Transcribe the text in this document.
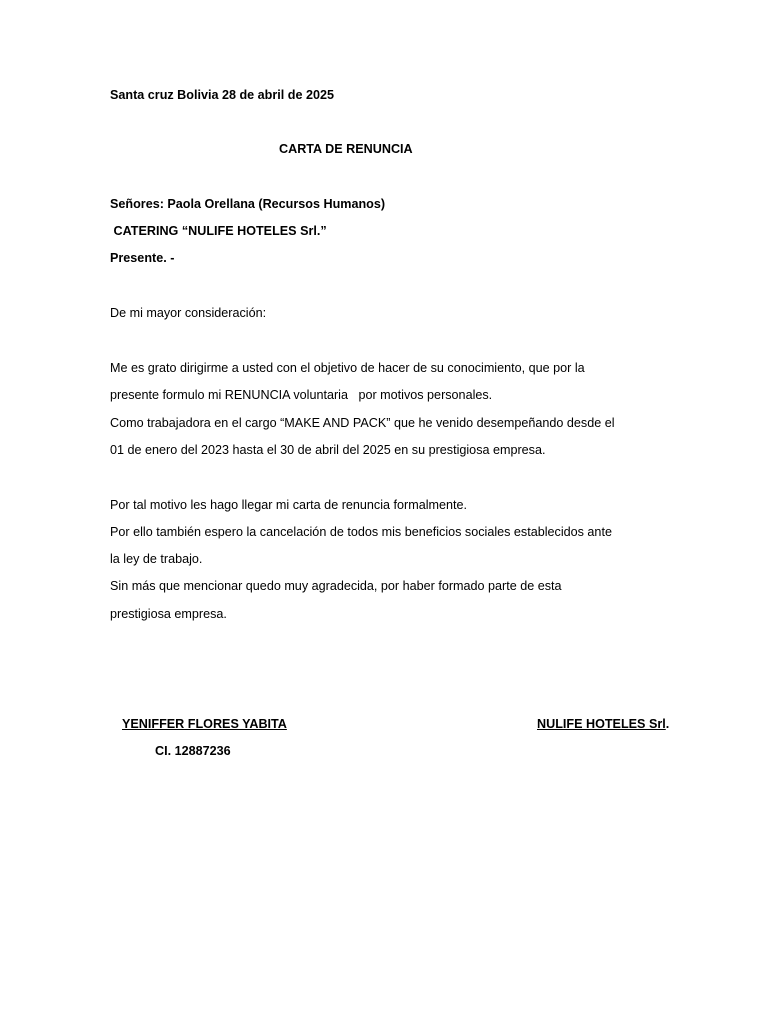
Santa cruz Bolivia 28 de abril de 2025
CARTA DE RENUNCIA
Señores: Paola Orellana (Recursos Humanos)
CATERING “NULIFE HOTELES Srl.”
Presente. -
De mi mayor consideración:
Me es grato dirigirme a usted con el objetivo de hacer de su conocimiento, que por la
presente formulo mi RENUNCIA voluntaria   por motivos personales.
Como trabajadora en el cargo “MAKE AND PACK” que he venido desempeñando desde el
01 de enero del 2023 hasta el 30 de abril del 2025 en su prestigiosa empresa.
Por tal motivo les hago llegar mi carta de renuncia formalmente.
Por ello también espero la cancelación de todos mis beneficios sociales establecidos ante
la ley de trabajo.
Sin más que mencionar quedo muy agradecida, por haber formado parte de esta
prestigiosa empresa.
YENIFFER FLORES YABITA
CI. 12887236
NULIFE HOTELES Srl.
